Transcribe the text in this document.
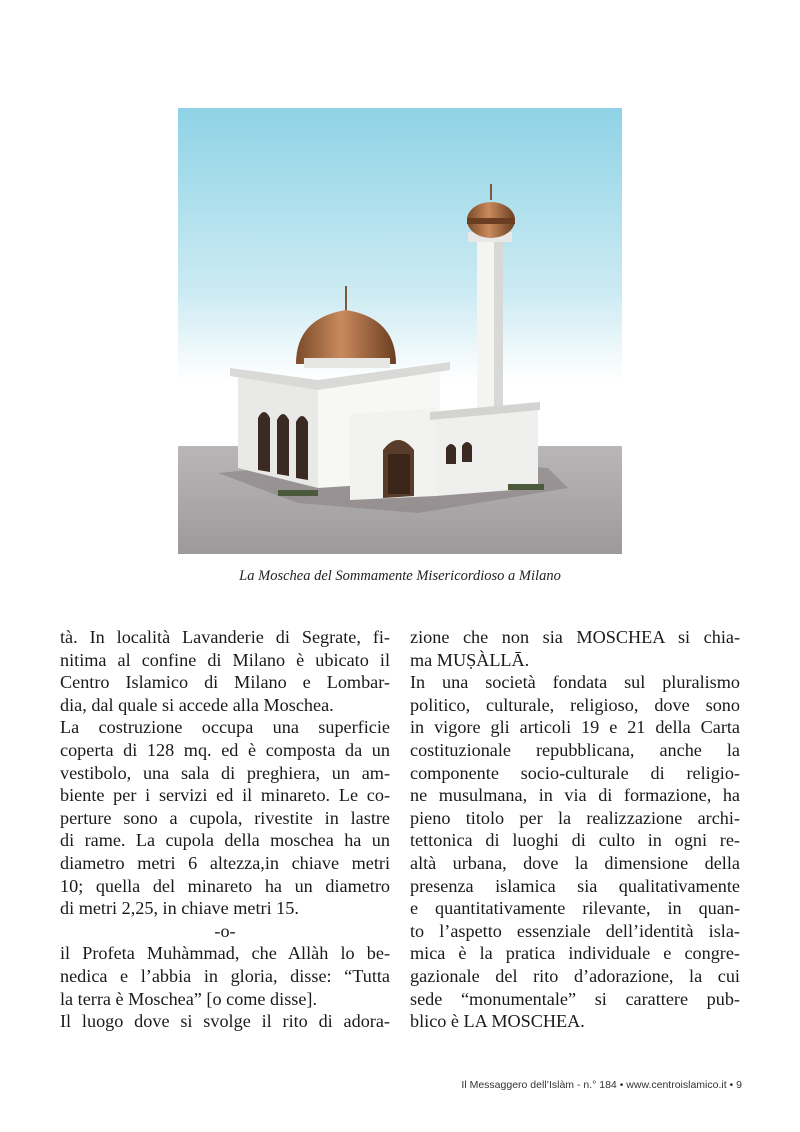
La Moschea del Sommamente Misericordioso a Milano

tà. In località Lavanderie di Segrate, fi-

nitima al confine di Milano è ubicato il

Centro Islamico di Milano e Lombar-

dia, dal quale si accede alla Moschea.

La costruzione occupa una superficie

coperta di 128 mq. ed è composta da un

vestibolo, una sala di preghiera, un am-

biente per i servizi ed il minareto. Le co-

perture sono a cupola, rivestite in lastre

di rame. La cupola della moschea ha un

diametro metri 6 altezza,in chiave metri

10; quella del minareto ha un diametro

di metri 2,25, in chiave metri 15.

-o-

il Profeta Muhàmmad, che Allàh lo be-

nedica e l’abbia in gloria, disse: “Tutta

la terra è Moschea” [o come disse].

Il luogo dove si svolge il rito di adora-

zione che non sia MOSCHEA si chia-

ma MUṢÀLLĀ.

In una società fondata sul pluralismo

politico, culturale, religioso, dove sono

in vigore gli articoli 19 e 21 della Carta

costituzionale repubblicana, anche la

componente socio-culturale di religio-

ne musulmana, in via di formazione, ha

pieno titolo per la realizzazione archi-

tettonica di luoghi di culto in ogni re-

altà urbana, dove la dimensione della

presenza islamica sia qualitativamente

e quantitativamente rilevante, in quan-

to l’aspetto essenziale dell’identità isla-

mica è la pratica individuale e congre-

gazionale del rito d’adorazione, la cui

sede “monumentale” si carattere pub-

blico è LA MOSCHEA.

Il Messaggero dell’Islàm - n.° 184 • www.centroislamico.it • 9
